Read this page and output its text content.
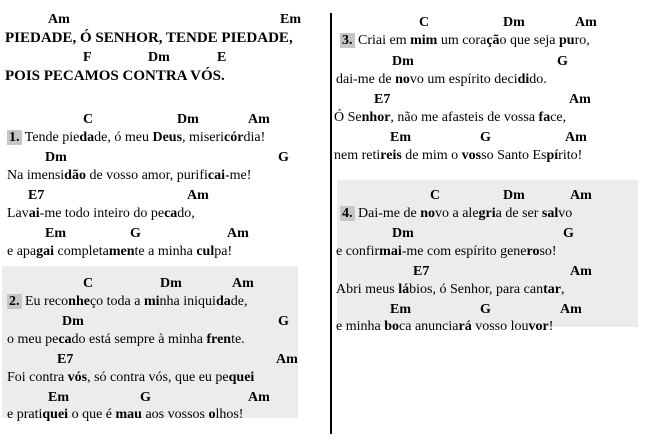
Am	Em
PIEDADE, Ó SENHOR, TENDE PIEDADE,
F	Dm	E
POIS PECAMOS CONTRA VÓS.
C	Dm	Am
1. Tende piedade, ó meu Deus, misericórdia!
Dm	G
Na imensidão de vosso amor, purificai-me!
E7	Am
Lavai-me todo inteiro do pecado,
Em	G	Am
e apagai completamente a minha culpa!
C	Dm	Am
2. Eu reconheço toda a minha iniquidade,
Dm	G
o meu pecado está sempre à minha frente.
E7	Am
Foi contra vós, só contra vós, que eu pequei
Em	G	Am
e pratiquei o que é mau aos vossos olhos!
C	Dm	Am
3. Criai em mim um coração que seja puro,
Dm	G
dai-me de novo um espírito decidido.
E7	Am
Ó Senhor, não me afasteis de vossa face,
Em	G	Am
nem retireis de mim o vosso Santo Espírito!
C	Dm	Am
4. Dai-me de novo a alegria de ser salvo
Dm	G
e confirmai-me com espírito generoso!
E7	Am
Abri meus lábios, ó Senhor, para cantar,
Em	G	Am
e minha boca anunciará vosso louvor!
